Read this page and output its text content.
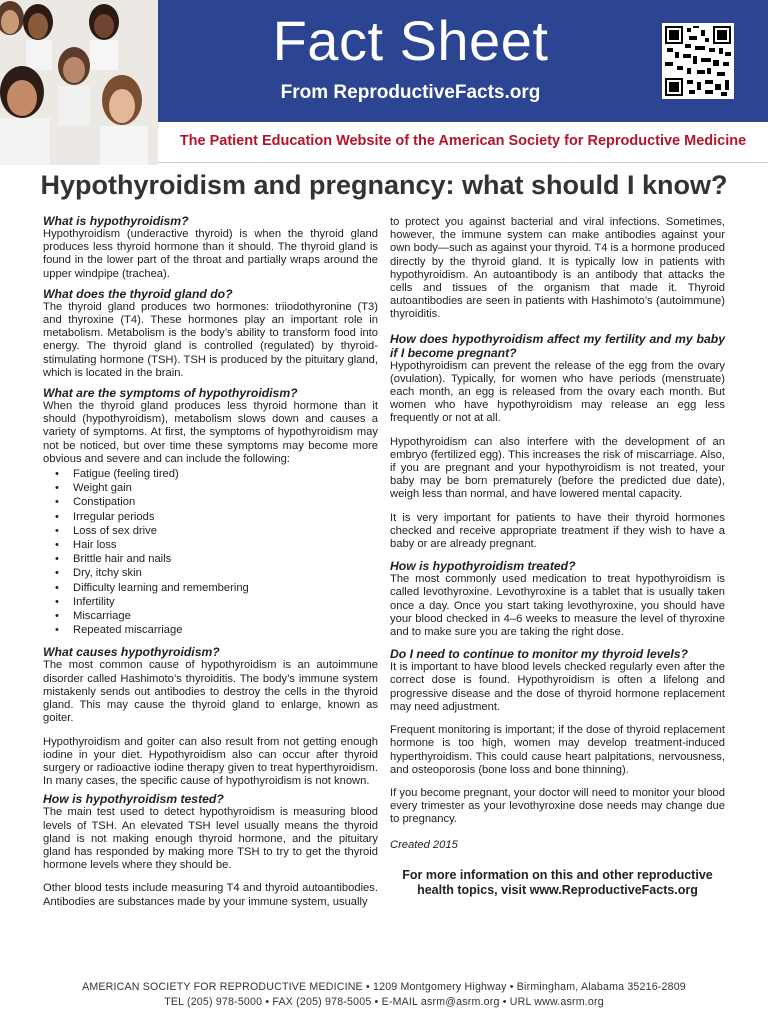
Fact Sheet
From ReproductiveFacts.org
The Patient Education Website of the American Society for Reproductive Medicine
Hypothyroidism and pregnancy: what should I know?
What is hypothyroidism?

Hypothyroidism (underactive thyroid) is when the thyroid gland produces less thyroid hormone than it should. The thyroid gland is found in the lower part of the throat and partially wraps around the upper windpipe (trachea).

What does the thyroid gland do?

The thyroid gland produces two hormones: triiodothyronine (T3) and thyroxine (T4). These hormones play an important role in metabolism. Metabolism is the body’s ability to transform food into energy. The thyroid gland is controlled (regulated) by thyroid-stimulating hormone (TSH). TSH is produced by the pituitary gland, which is located in the brain.

What are the symptoms of hypothyroidism?

When the thyroid gland produces less thyroid hormone than it should (hypothyroidism), metabolism slows down and causes a variety of symptoms. At first, the symptoms of hypothyroidism may not be noticed, but over time these symptoms may become more obvious and severe and can include the following:

• Fatigue (feeling tired)
• Weight gain
• Constipation
• Irregular periods
• Loss of sex drive
• Hair loss
• Brittle hair and nails
• Dry, itchy skin
• Difficulty learning and remembering
• Infertility
• Miscarriage
• Repeated miscarriage
What causes hypothyroidism?

The most common cause of hypothyroidism is an autoimmune disorder called Hashimoto’s thyroiditis. The body’s immune system mistakenly sends out antibodies to destroy the cells in the thyroid gland. This may cause the thyroid gland to enlarge, known as goiter.

Hypothyroidism and goiter can also result from not getting enough iodine in your diet. Hypothyroidism also can occur after thyroid surgery or radioactive iodine therapy given to treat hyperthyroidism. In many cases, the specific cause of hypothyroidism is not known.

How is hypothyroidism tested?

The main test used to detect hypothyroidism is measuring blood levels of TSH. An elevated TSH level usually means the thyroid gland is not making enough thyroid hormone, and the pituitary gland has responded by making more TSH to try to get the thyroid hormone levels where they should be.

Other blood tests include measuring T4 and thyroid autoantibodies. Antibodies are substances made by your immune system, usually

to protect you against bacterial and viral infections. Sometimes, however, the immune system can make antibodies against your own body—such as against your thyroid. T4 is a hormone produced directly by the thyroid gland. It is typically low in patients with hypothyroidism. An autoantibody is an antibody that attacks the cells and tissues of the organism that made it. Thyroid autoantibodies are seen in patients with Hashimoto’s (autoimmune) thyroiditis.

How does hypothyroidism affect my fertility and my baby if I become pregnant?

Hypothyroidism can prevent the release of the egg from the ovary (ovulation). Typically, for women who have periods (menstruate) each month, an egg is released from the ovary each month. But women who have hypothyroidism may release an egg less frequently or not at all.

Hypothyroidism can also interfere with the development of an embryo (fertilized egg). This increases the risk of miscarriage. Also, if you are pregnant and your hypothyroidism is not treated, your baby may be born prematurely (before the predicted due date), weigh less than normal, and have lowered mental capacity.

It is very important for patients to have their thyroid hormones checked and receive appropriate treatment if they wish to have a baby or are already pregnant.

How is hypothyroidism treated?

The most commonly used medication to treat hypothyroidism is called levothyroxine. Levothyroxine is a tablet that is usually taken once a day. Once you start taking levothyroxine, you should have your blood checked in 4–6 weeks to measure the level of thyroxine and to make sure you are taking the right dose.

Do I need to continue to monitor my thyroid levels?

It is important to have blood levels checked regularly even after the correct dose is found. Hypothyroidism is often a lifelong and progressive disease and the dose of thyroid hormone replacement may need adjustment.

Frequent monitoring is important; if the dose of thyroid replacement hormone is too high, women may develop treatment-induced hyperthyroidism. This could cause heart palpitations, nervousness, and osteoporosis (bone loss and bone thinning).

If you become pregnant, your doctor will need to monitor your blood every trimester as your levothyroxine dose needs may change due to pregnancy.

Created 2015
For more information on this and other reproductive health topics, visit www.ReproductiveFacts.org
AMERICAN SOCIETY FOR REPRODUCTIVE MEDICINE • 1209 Montgomery Highway • Birmingham, Alabama 35216-2809
TEL (205) 978-5000 • FAX (205) 978-5005 • E-MAIL asrm@asrm.org • URL www.asrm.org
